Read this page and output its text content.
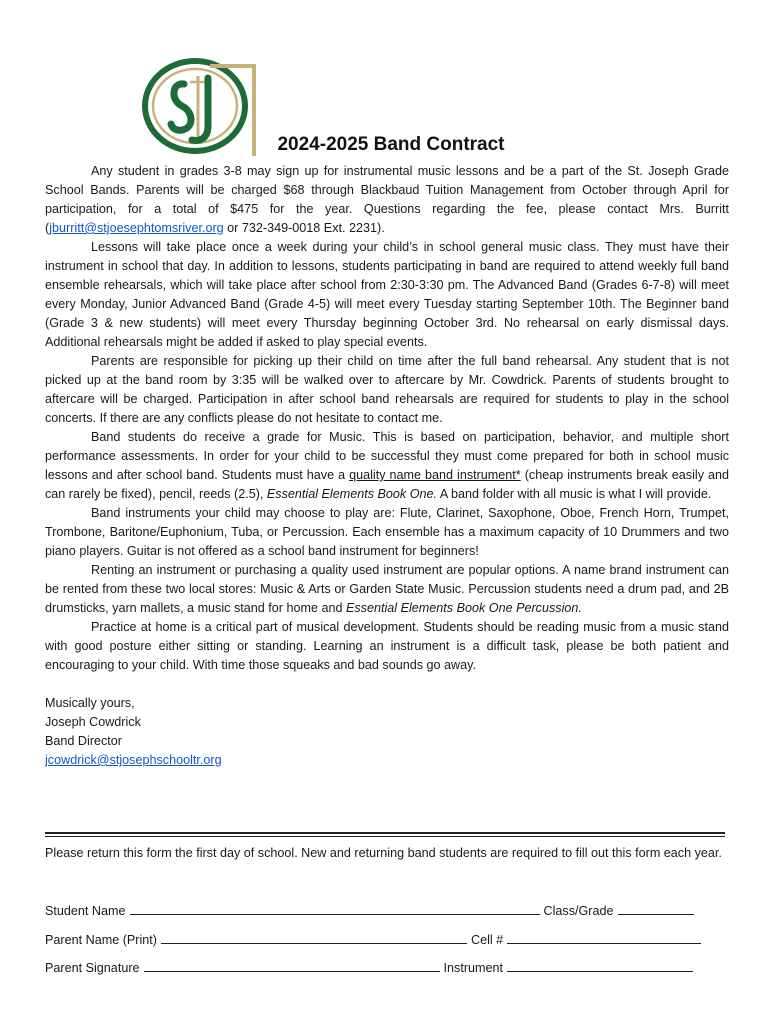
2024-2025 Band Contract

Any student in grades 3-8 may sign up for instrumental music lessons and be a part of the St. Joseph Grade School Bands. Parents will be charged $68 through Blackbaud Tuition Management from October through April for participation, for a total of $475 for the year. Questions regarding the fee, please contact Mrs. Burritt (jburritt@stjoesephtomsriver.org or 732-349-0018 Ext. 2231).

Lessons will take place once a week during your child’s in school general music class. They must have their instrument in school that day. In addition to lessons, students participating in band are required to attend weekly full band ensemble rehearsals, which will take place after school from 2:30-3:30 pm. The Advanced Band (Grades 6-7-8) will meet every Monday, Junior Advanced Band (Grade 4-5) will meet every Tuesday starting September 10th. The Beginner band (Grade 3 & new students) will meet every Thursday beginning October 3rd. No rehearsal on early dismissal days. Additional rehearsals might be added if asked to play special events.

Parents are responsible for picking up their child on time after the full band rehearsal. Any student that is not picked up at the band room by 3:35 will be walked over to aftercare by Mr. Cowdrick. Parents of students brought to aftercare will be charged. Participation in after school band rehearsals are required for students to play in the school concerts. If there are any conflicts please do not hesitate to contact me.

Band students do receive a grade for Music. This is based on participation, behavior, and multiple short performance assessments. In order for your child to be successful they must come prepared for both in school music lessons and after school band. Students must have a quality name band instrument* (cheap instruments break easily and can rarely be fixed), pencil, reeds (2.5), Essential Elements Book One. A band folder with all music is what I will provide.

Band instruments your child may choose to play are: Flute, Clarinet, Saxophone, Oboe, French Horn, Trumpet, Trombone, Baritone/Euphonium, Tuba, or Percussion. Each ensemble has a maximum capacity of 10 Drummers and two piano players. Guitar is not offered as a school band instrument for beginners!

Renting an instrument or purchasing a quality used instrument are popular options. A name brand instrument can be rented from these two local stores: Music & Arts or Garden State Music. Percussion students need a drum pad, and 2B drumsticks, yarn mallets, a music stand for home and Essential Elements Book One Percussion.

Practice at home is a critical part of musical development. Students should be reading music from a music stand with good posture either sitting or standing. Learning an instrument is a difficult task, please be both patient and encouraging to your child. With time those squeaks and bad sounds go away.

Musically yours,
Joseph Cowdrick
Band Director
jcowdrick@stjosephschooltr.org
Please return this form the first day of school. New and returning band students are required to fill out this form each year.
Student Name	Class/Grade
Parent Name (Print)	Cell #
Parent Signature	Instrument
